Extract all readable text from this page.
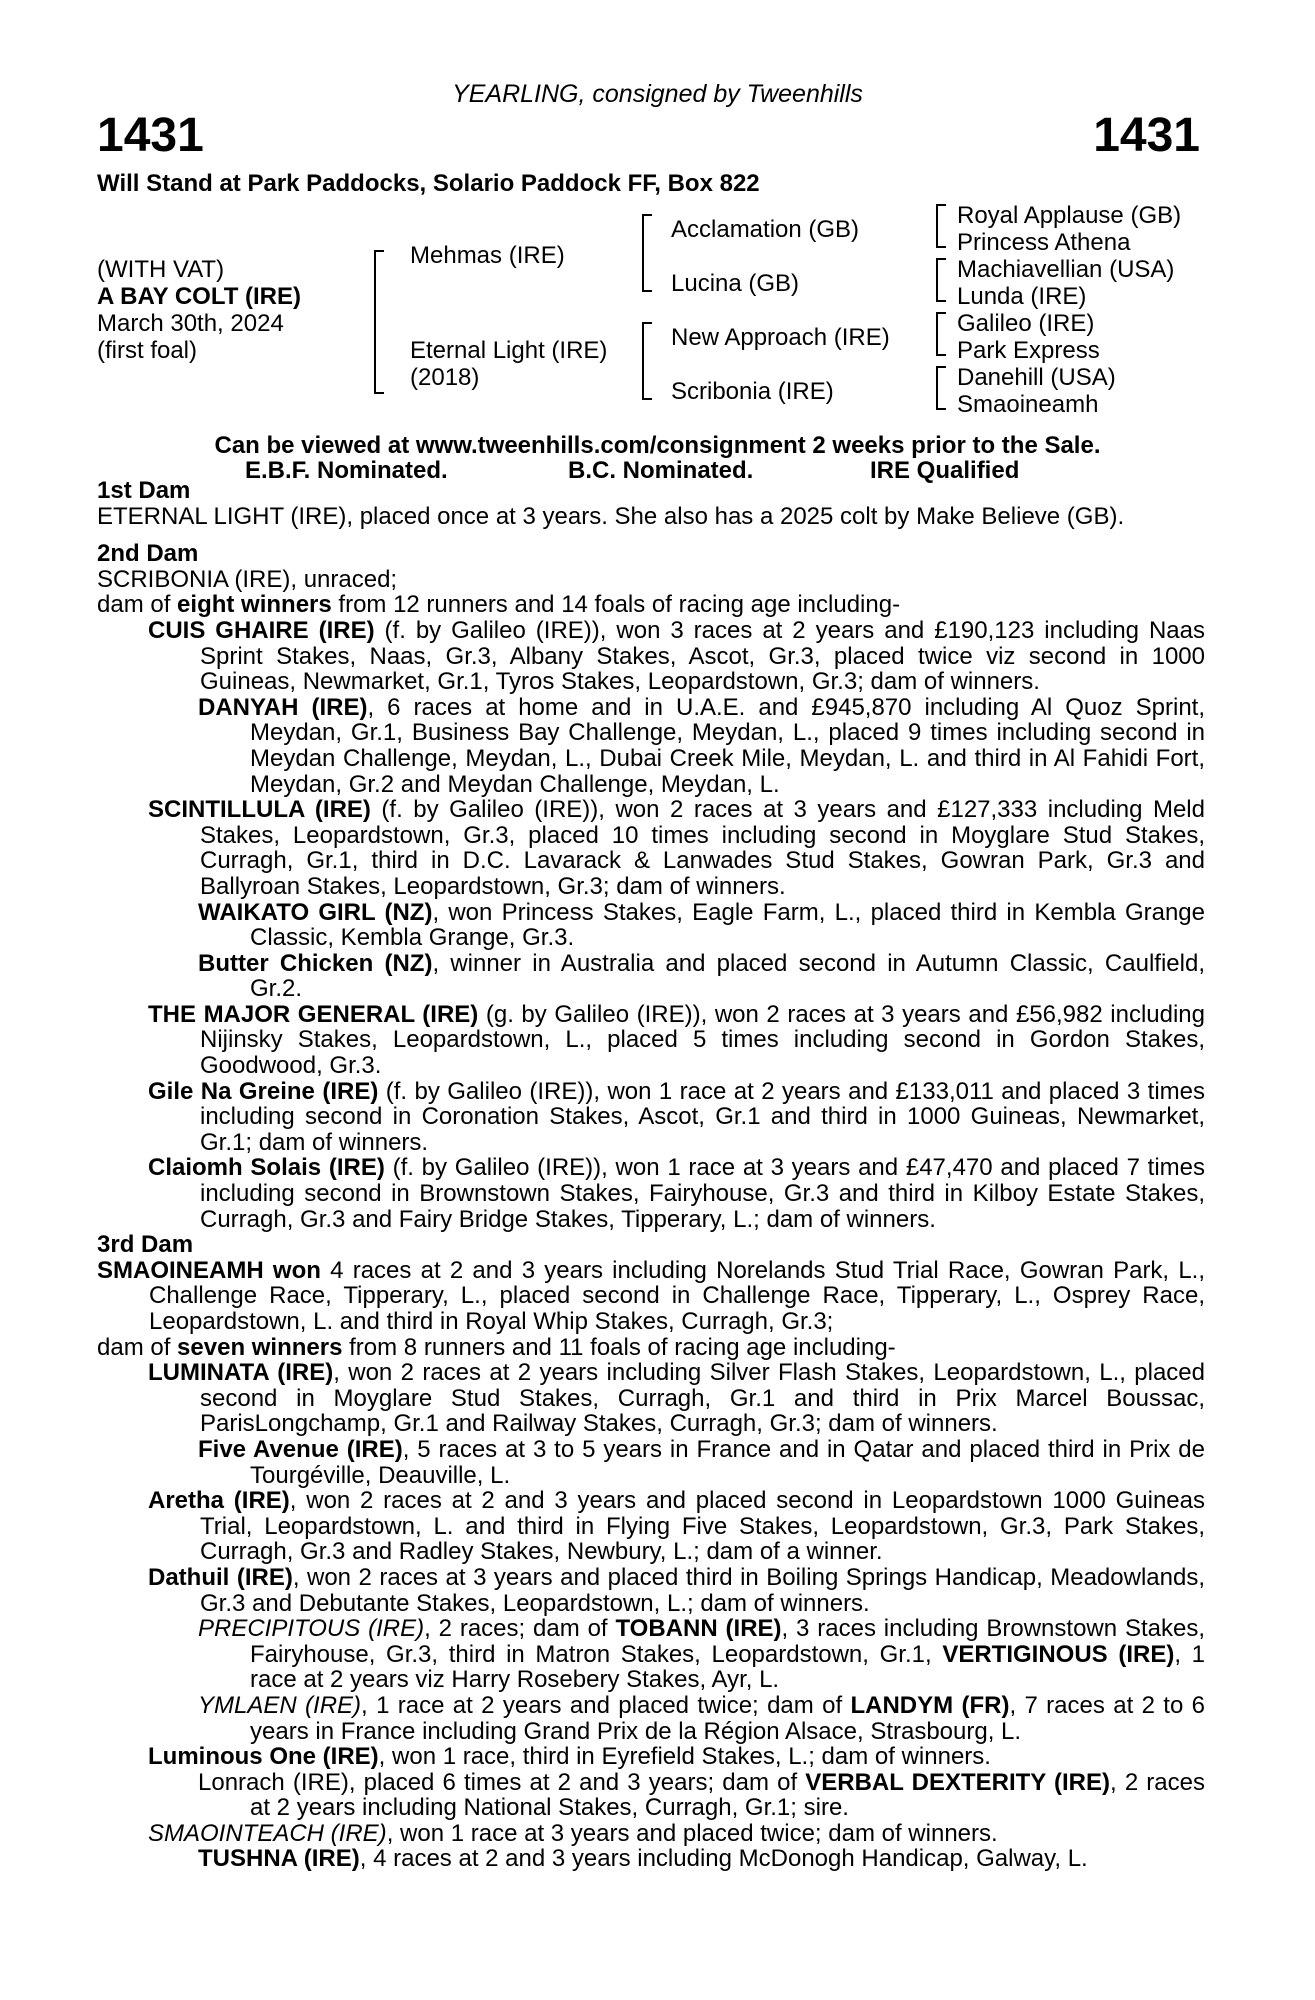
YEARLING, consigned by Tweenhills
1431	1431
Will Stand at Park Paddocks, Solario Paddock FF, Box 822
(WITH VAT)
A BAY COLT (IRE)
March 30th, 2024
(first foal)
Mehmas (IRE)
Eternal Light (IRE)
(2018)
Acclamation (GB)
Lucina (GB)
New Approach (IRE)
Scribonia (IRE)
Royal Applause (GB)
Princess Athena
Machiavellian (USA)
Lunda (IRE)
Galileo (IRE)
Park Express
Danehill (USA)
Smaoineamh
Can be viewed at www.tweenhills.com/consignment 2 weeks prior to the Sale.
E.B.F. Nominated.	B.C. Nominated.	IRE Qualified

1st Dam

ETERNAL LIGHT (IRE), placed once at 3 years. She also has a 2025 colt by Make Believe (GB).

2nd Dam

SCRIBONIA (IRE), unraced;

dam of eight winners from 12 runners and 14 foals of racing age including-

CUIS GHAIRE (IRE) (f. by Galileo (IRE)), won 3 races at 2 years and £190,123 including Naas Sprint Stakes, Naas, Gr.3, Albany Stakes, Ascot, Gr.3, placed twice viz second in 1000 Guineas, Newmarket, Gr.1, Tyros Stakes, Leopardstown, Gr.3; dam of winners.

DANYAH (IRE), 6 races at home and in U.A.E. and £945,870 including Al Quoz Sprint, Meydan, Gr.1, Business Bay Challenge, Meydan, L., placed 9 times including second in Meydan Challenge, Meydan, L., Dubai Creek Mile, Meydan, L. and third in Al Fahidi Fort, Meydan, Gr.2 and Meydan Challenge, Meydan, L.

SCINTILLULA (IRE) (f. by Galileo (IRE)), won 2 races at 3 years and £127,333 including Meld Stakes, Leopardstown, Gr.3, placed 10 times including second in Moyglare Stud Stakes, Curragh, Gr.1, third in D.C. Lavarack & Lanwades Stud Stakes, Gowran Park, Gr.3 and Ballyroan Stakes, Leopardstown, Gr.3; dam of winners.

WAIKATO GIRL (NZ), won Princess Stakes, Eagle Farm, L., placed third in Kembla Grange Classic, Kembla Grange, Gr.3.

Butter Chicken (NZ), winner in Australia and placed second in Autumn Classic, Caulfield, Gr.2.

THE MAJOR GENERAL (IRE) (g. by Galileo (IRE)), won 2 races at 3 years and £56,982 including Nijinsky Stakes, Leopardstown, L., placed 5 times including second in Gordon Stakes, Goodwood, Gr.3.

Gile Na Greine (IRE) (f. by Galileo (IRE)), won 1 race at 2 years and £133,011 and placed 3 times including second in Coronation Stakes, Ascot, Gr.1 and third in 1000 Guineas, Newmarket, Gr.1; dam of winners.

Claiomh Solais (IRE) (f. by Galileo (IRE)), won 1 race at 3 years and £47,470 and placed 7 times including second in Brownstown Stakes, Fairyhouse, Gr.3 and third in Kilboy Estate Stakes, Curragh, Gr.3 and Fairy Bridge Stakes, Tipperary, L.; dam of winners.

3rd Dam

SMAOINEAMH won 4 races at 2 and 3 years including Norelands Stud Trial Race, Gowran Park, L., Challenge Race, Tipperary, L., placed second in Challenge Race, Tipperary, L., Osprey Race, Leopardstown, L. and third in Royal Whip Stakes, Curragh, Gr.3;

dam of seven winners from 8 runners and 11 foals of racing age including-

LUMINATA (IRE), won 2 races at 2 years including Silver Flash Stakes, Leopardstown, L., placed second in Moyglare Stud Stakes, Curragh, Gr.1 and third in Prix Marcel Boussac, ParisLongchamp, Gr.1 and Railway Stakes, Curragh, Gr.3; dam of winners.

Five Avenue (IRE), 5 races at 3 to 5 years in France and in Qatar and placed third in Prix de Tourgéville, Deauville, L.

Aretha (IRE), won 2 races at 2 and 3 years and placed second in Leopardstown 1000 Guineas Trial, Leopardstown, L. and third in Flying Five Stakes, Leopardstown, Gr.3, Park Stakes, Curragh, Gr.3 and Radley Stakes, Newbury, L.; dam of a winner.

Dathuil (IRE), won 2 races at 3 years and placed third in Boiling Springs Handicap, Meadowlands, Gr.3 and Debutante Stakes, Leopardstown, L.; dam of winners.

PRECIPITOUS (IRE), 2 races; dam of TOBANN (IRE), 3 races including Brownstown Stakes, Fairyhouse, Gr.3, third in Matron Stakes, Leopardstown, Gr.1, VERTIGINOUS (IRE), 1 race at 2 years viz Harry Rosebery Stakes, Ayr, L.

YMLAEN (IRE), 1 race at 2 years and placed twice; dam of LANDYM (FR), 7 races at 2 to 6 years in France including Grand Prix de la Région Alsace, Strasbourg, L.

Luminous One (IRE), won 1 race, third in Eyrefield Stakes, L.; dam of winners.

Lonrach (IRE), placed 6 times at 2 and 3 years; dam of VERBAL DEXTERITY (IRE), 2 races at 2 years including National Stakes, Curragh, Gr.1; sire.

SMAOINTEACH (IRE), won 1 race at 3 years and placed twice; dam of winners.

TUSHNA (IRE), 4 races at 2 and 3 years including McDonogh Handicap, Galway, L.
